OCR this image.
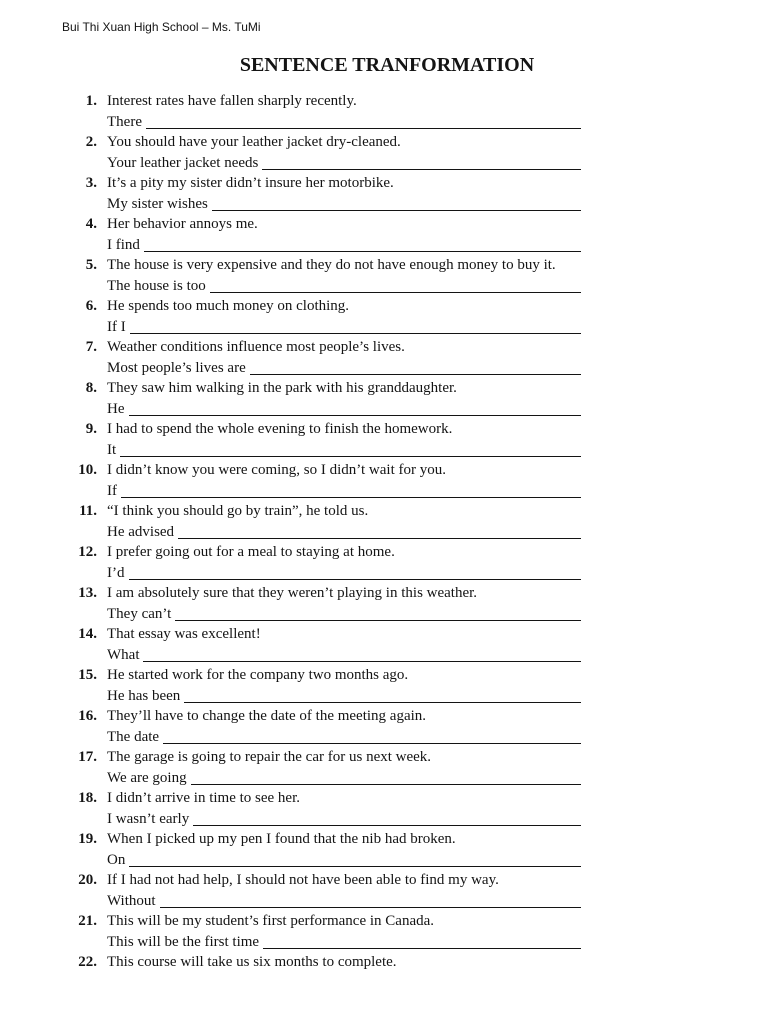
Bui Thi Xuan High School – Ms. TuMi
SENTENCE TRANFORMATION
1. Interest rates have fallen sharply recently.
There
2. You should have your leather jacket dry-cleaned.
Your leather jacket needs
3. It’s a pity my sister didn’t insure her motorbike.
My sister wishes
4. Her behavior annoys me.
I find
5. The house is very expensive and they do not have enough money to buy it.
The house is too
6. He spends too much money on clothing.
If I
7. Weather conditions influence most people’s lives.
Most people’s lives are
8. They saw him walking in the park with his granddaughter.
He
9. I had to spend the whole evening to finish the homework.
It
10. I didn’t know you were coming, so I didn’t wait for you.
If
11. “I think you should go by train”, he told us.
He advised
12. I prefer going out for a meal to staying at home.
I’d
13. I am absolutely sure that they weren’t playing in this weather.
They can’t
14. That essay was excellent!
What
15. He started work for the company two months ago.
He has been
16. They’ll have to change the date of the meeting again.
The date
17. The garage is going to repair the car for us next week.
We are going
18. I didn’t arrive in time to see her.
I wasn’t early
19. When I picked up my pen I found that the nib had broken.
On
20. If I had not had help, I should not have been able to find my way.
Without
21. This will be my student’s first performance in Canada.
This will be the first time
22. This course will take us six months to complete.
